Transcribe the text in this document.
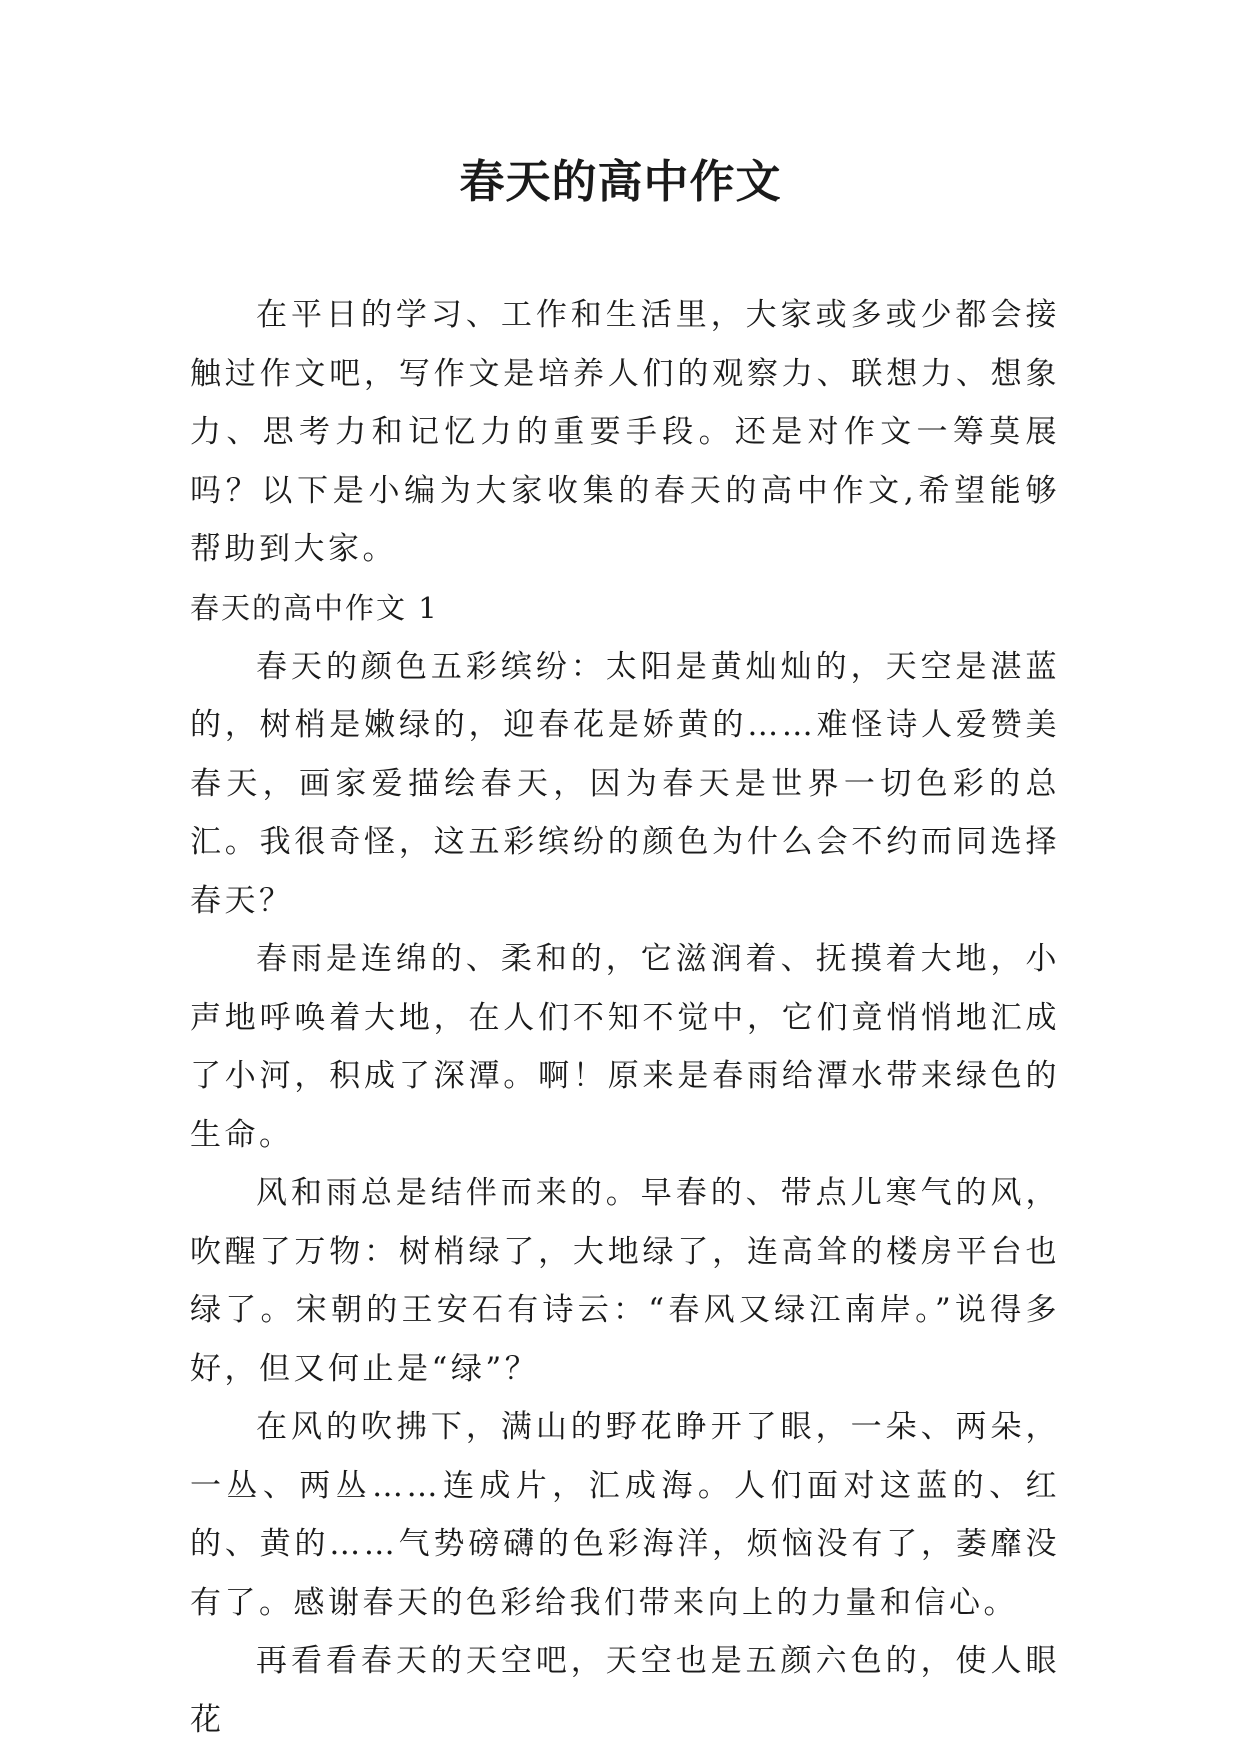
春天的高中作文

在平日的学习、工作和生活里，大家或多或少都会接触过作文吧，写作文是培养人们的观察力、联想力、想象力、思考力和记忆力的重要手段。还是对作文一筹莫展吗？以下是小编为大家收集的春天的高中作文,希望能够帮助到大家。

春天的高中作文 1

春天的颜色五彩缤纷：太阳是黄灿灿的，天空是湛蓝的，树梢是嫩绿的，迎春花是娇黄的……难怪诗人爱赞美春天，画家爱描绘春天，因为春天是世界一切色彩的总汇。我很奇怪，这五彩缤纷的颜色为什么会不约而同选择春天？

春雨是连绵的、柔和的，它滋润着、抚摸着大地，小声地呼唤着大地，在人们不知不觉中，它们竟悄悄地汇成了小河，积成了深潭。啊！原来是春雨给潭水带来绿色的生命。

风和雨总是结伴而来的。早春的、带点儿寒气的风，吹醒了万物：树梢绿了，大地绿了，连高耸的楼房平台也绿了。宋朝的王安石有诗云：“春风又绿江南岸。”说得多好，但又何止是“绿”？

在风的吹拂下，满山的野花睁开了眼，一朵、两朵，一丛、两丛……连成片，汇成海。人们面对这蓝的、红的、黄的……气势磅礴的色彩海洋，烦恼没有了，萎靡没有了。感谢春天的色彩给我们带来向上的力量和信心。

再看看春天的天空吧，天空也是五颜六色的，使人眼花
